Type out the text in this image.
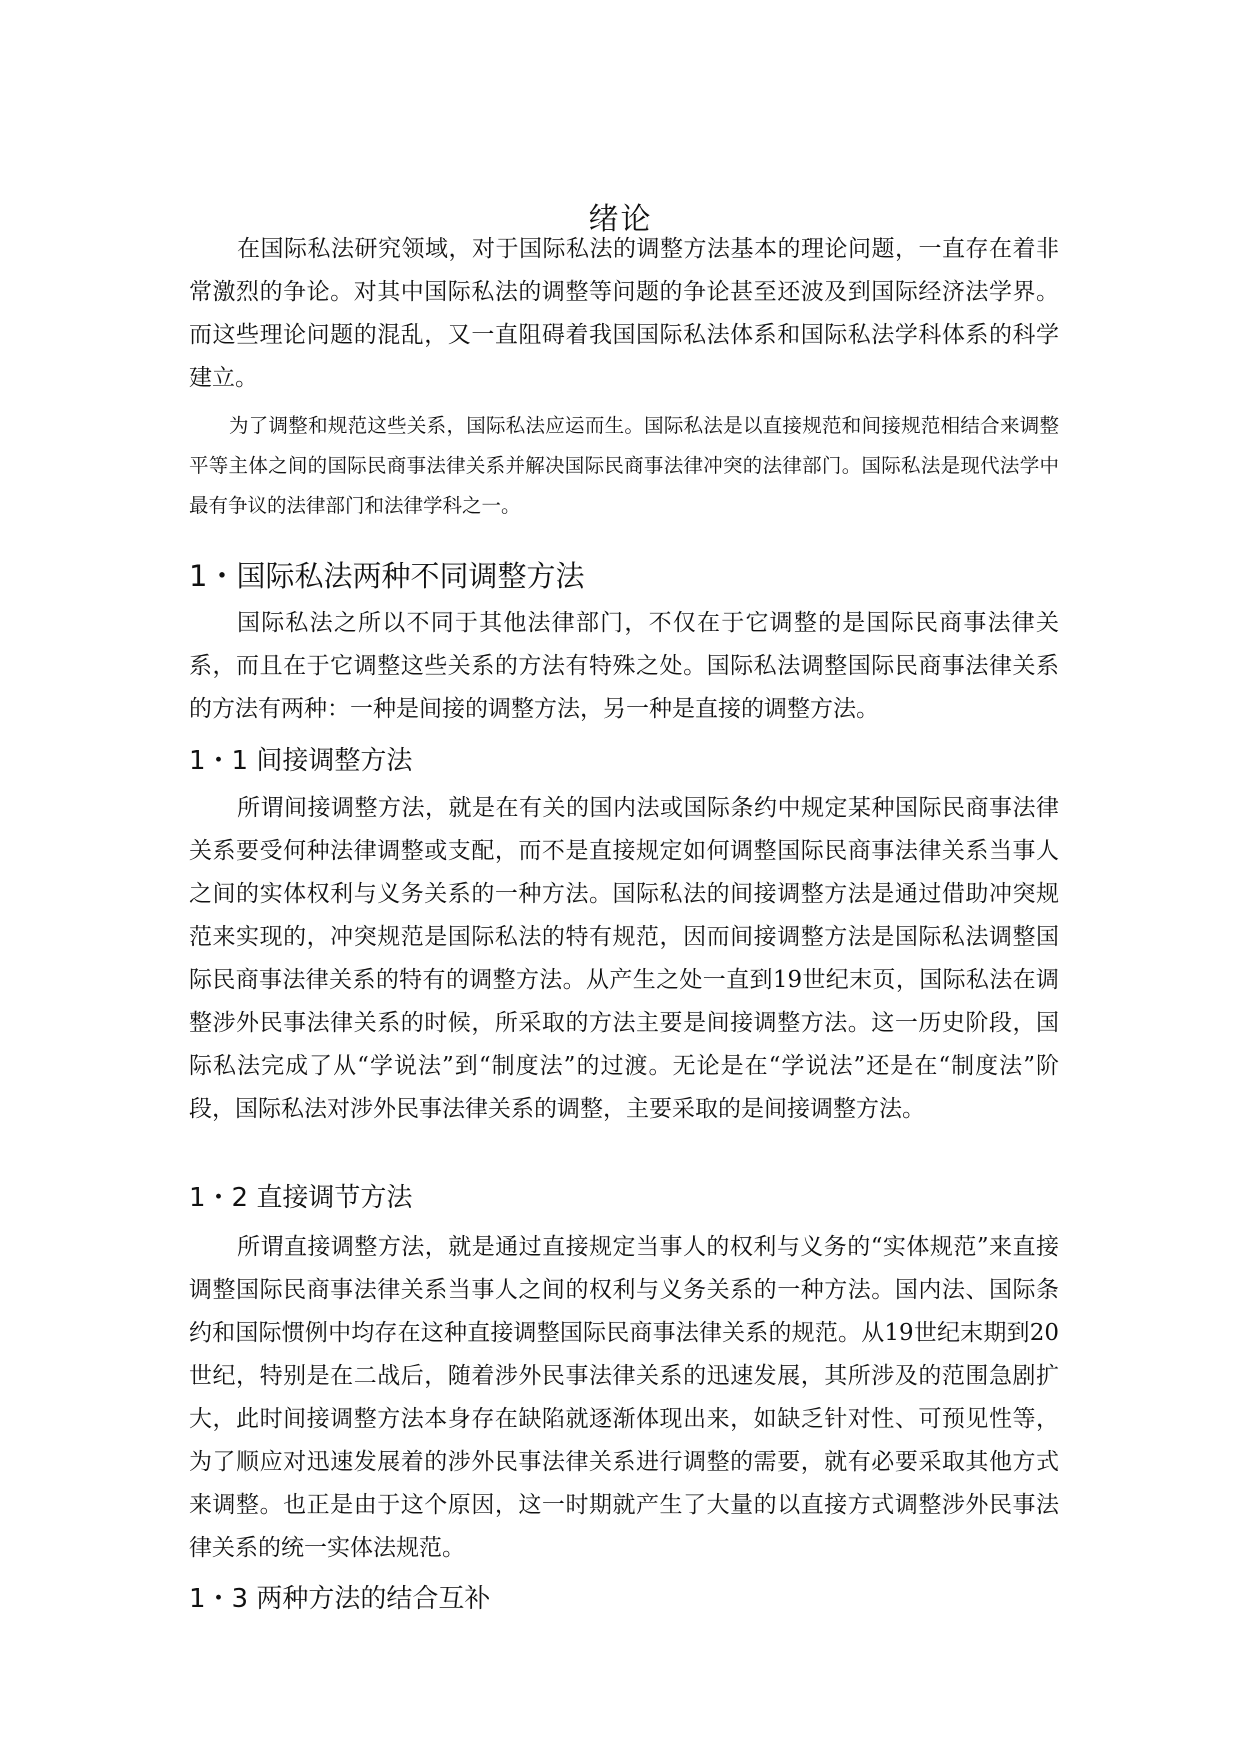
绪论

在国际私法研究领域，对于国际私法的调整方法基本的理论问题，一直存在着非常激烈的争论。对其中国际私法的调整等问题的争论甚至还波及到国际经济法学界。而这些理论问题的混乱，又一直阻碍着我国国际私法体系和国际私法学科体系的科学建立。

为了调整和规范这些关系，国际私法应运而生。国际私法是以直接规范和间接规范相结合来调整平等主体之间的国际民商事法律关系并解决国际民商事法律冲突的法律部门。国际私法是现代法学中最有争议的法律部门和法律学科之一。

1・国际私法两种不同调整方法

国际私法之所以不同于其他法律部门，不仅在于它调整的是国际民商事法律关系，而且在于它调整这些关系的方法有特殊之处。国际私法调整国际民商事法律关系的方法有两种：一种是间接的调整方法，另一种是直接的调整方法。

1・1 间接调整方法

所谓间接调整方法，就是在有关的国内法或国际条约中规定某种国际民商事法律关系要受何种法律调整或支配，而不是直接规定如何调整国际民商事法律关系当事人之间的实体权利与义务关系的一种方法。国际私法的间接调整方法是通过借助冲突规范来实现的，冲突规范是国际私法的特有规范，因而间接调整方法是国际私法调整国际民商事法律关系的特有的调整方法。从产生之处一直到19世纪末页，国际私法在调整涉外民事法律关系的时候，所采取的方法主要是间接调整方法。这一历史阶段，国际私法完成了从“学说法”到“制度法”的过渡。无论是在“学说法”还是在“制度法”阶段，国际私法对涉外民事法律关系的调整，主要采取的是间接调整方法。

1・2 直接调节方法

所谓直接调整方法，就是通过直接规定当事人的权利与义务的“实体规范”来直接调整国际民商事法律关系当事人之间的权利与义务关系的一种方法。国内法、国际条约和国际惯例中均存在这种直接调整国际民商事法律关系的规范。从19世纪末期到20世纪，特别是在二战后，随着涉外民事法律关系的迅速发展，其所涉及的范围急剧扩大，此时间接调整方法本身存在缺陷就逐渐体现出来，如缺乏针对性、可预见性等，为了顺应对迅速发展着的涉外民事法律关系进行调整的需要，就有必要采取其他方式来调整。也正是由于这个原因，这一时期就产生了大量的以直接方式调整涉外民事法律关系的统一实体法规范。

1・3 两种方法的结合互补
